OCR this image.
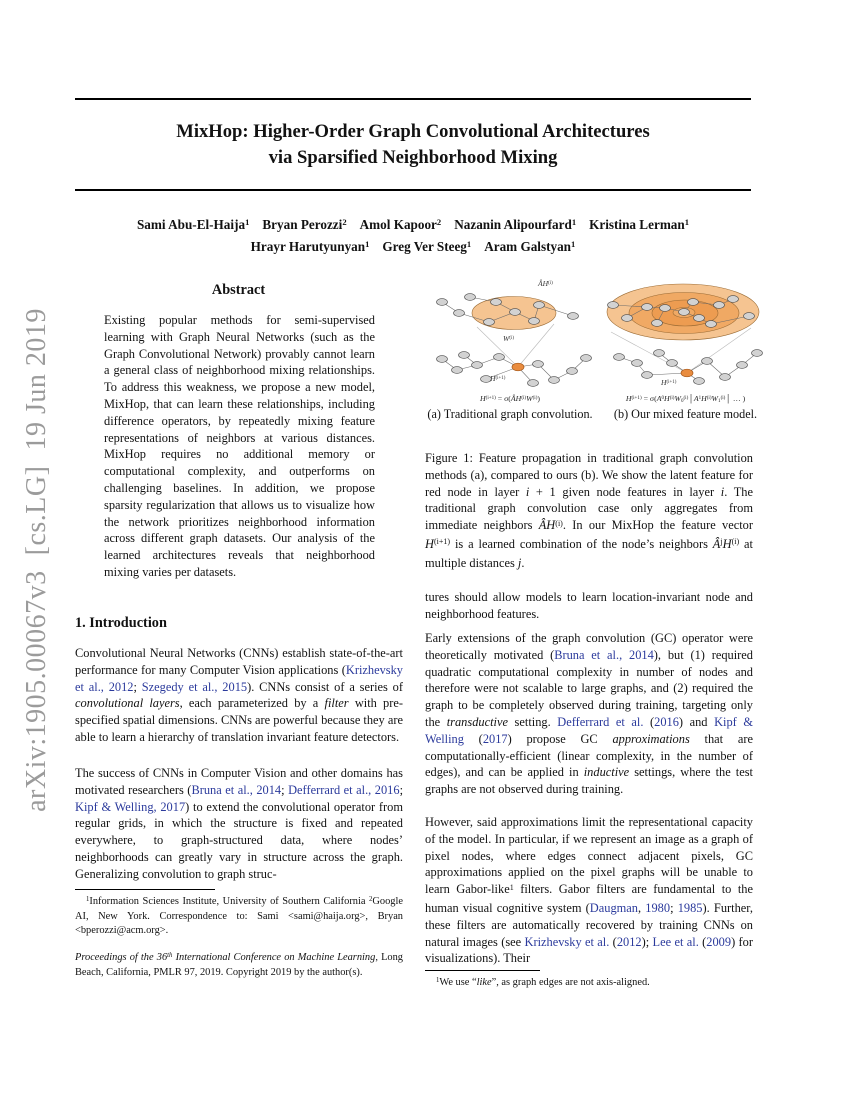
arXiv:1905.00067v3  [cs.LG]  19 Jun 2019
MixHop: Higher-Order Graph Convolutional Architectures
via Sparsified Neighborhood Mixing
Sami Abu-El-Haija$^1$ Bryan Perozzi$^2$ Amol Kapoor$^2$ Nazanin Alipourfard$^1$ Kristina Lerman$^1$
Hrayr Harutyunyan$^1$ Greg Ver Steeg$^1$ Aram Galstyan$^1$
Abstract
Existing popular methods for semi-supervised learning with Graph Neural Networks (such as the Graph Convolutional Network) provably cannot learn a general class of neighborhood mixing relationships. To address this weakness, we propose a new model, MixHop, that can learn these relationships, including difference operators, by repeatedly mixing feature representations of neighbors at various distances. MixHop requires no additional memory or computational complexity, and outperforms on challenging baselines. In addition, we propose sparsity regularization that allows us to visualize how the network prioritizes neighborhood information across different graph datasets. Our analysis of the learned architectures reveals that neighborhood mixing varies per datasets.
1. Introduction
Convolutional Neural Networks (CNNs) establish state-of-the-art performance for many Computer Vision applications (Krizhevsky et al., 2012; Szegedy et al., 2015). CNNs consist of a series of convolutional layers, each parameterized by a filter with pre-specified spatial dimensions. CNNs are powerful because they are able to learn a hierarchy of translation invariant feature detectors.
The success of CNNs in Computer Vision and other domains has motivated researchers (Bruna et al., 2014; Defferrard et al., 2016; Kipf & Welling, 2017) to extend the convolutional operator from regular grids, in which the structure is fixed and repeated everywhere, to graph-structured data, where nodes’ neighborhoods can greatly vary in structure across the graph. Generalizing convolution to graph struc-
$^1$Information Sciences Institute, University of Southern California $^2$Google AI, New York. Correspondence to: Sami <sami@haija.org>, Bryan <bperozzi@acm.org>.
Proceedings of the 36th International Conference on Machine Learning, Long Beach, California, PMLR 97, 2019. Copyright 2019 by the author(s).
ÂH$^{(i)}$
$W^{(i)}$
$H^{(i+1)}$
$H^{(i+1)}$ = $\sigma(ÂH^{(i)}W^{(i)})$
(a) Traditional graph convolution.
$H^{(i+1)}$
$H^{(i+1)}$ = $\sigma(A^0H^{(i)}W0^{(i)}│A^1H^{(i)}W1^{(i)}│$ … )
(b) Our mixed feature model.
Figure 1: Feature propagation in traditional graph convolution methods (a), compared to ours (b). We show the latent feature for red node in layer i + 1 given node features in layer i. The traditional graph convolution case only aggregates from immediate neighbors ÂH$^{(i)}$. In our MixHop the feature vector $H^{(i+1)}$ is a learned combination of the node’s neighbors $Â^jH^{(i)}$ at multiple distances j.
tures should allow models to learn location-invariant node and neighborhood features.
Early extensions of the graph convolution (GC) operator were theoretically motivated (Bruna et al., 2014), but (1) required quadratic computational complexity in number of nodes and therefore were not scalable to large graphs, and (2) required the graph to be completely observed during training, targeting only the transductive setting. Defferrard et al. (2016) and Kipf & Welling (2017) propose GC approximations that are computationally-efficient (linear complexity, in the number of edges), and can be applied in inductive settings, where the test graphs are not observed during training.
However, said approximations limit the representational capacity of the model. In particular, if we represent an image as a graph of pixel nodes, where edges connect adjacent pixels, GC approximations applied on the pixel graphs will be unable to learn Gabor-like$^1$ filters. Gabor filters are fundamental to the human visual cognitive system (Daugman, 1980; 1985). Further, these filters are automatically recovered by training CNNs on natural images (see Krizhevsky et al. (2012); Lee et al. (2009) for visualizations). Their
$^1$We use “like”, as graph edges are not axis-aligned.
